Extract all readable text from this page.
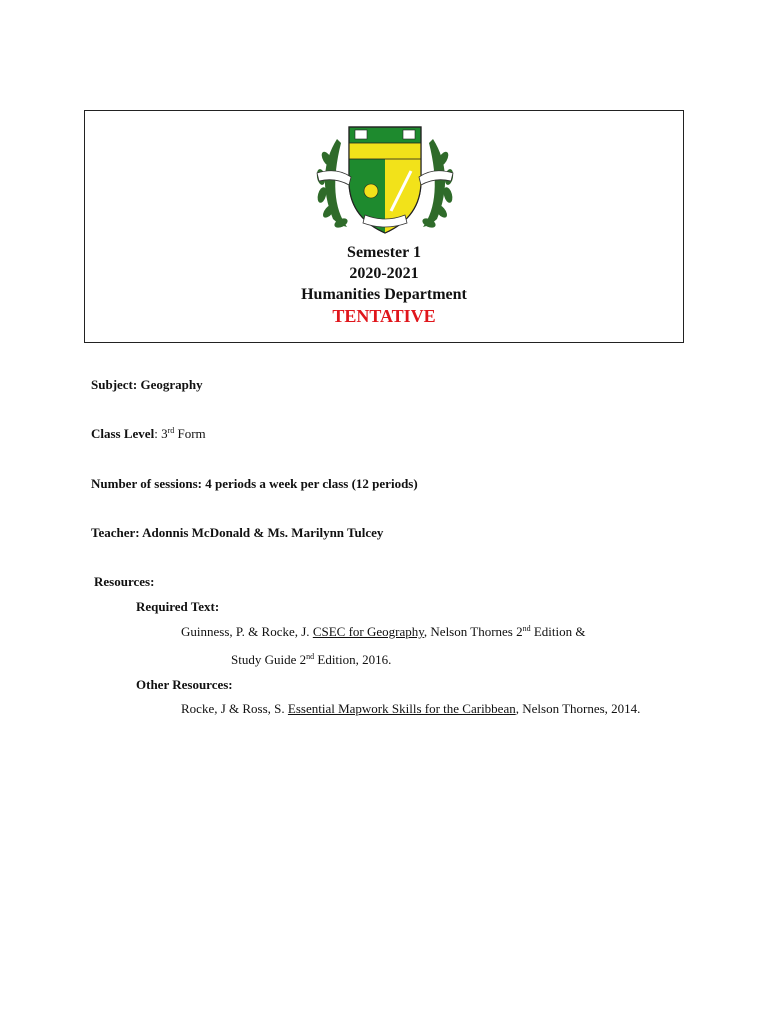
Semester 1
2020-2021
Humanities Department
TENTATIVE
Subject: Geography
Class Level: 3rd Form
Number of sessions: 4 periods a week per class (12 periods)
Teacher: Adonnis McDonald & Ms. Marilynn Tulcey
Resources:
Required Text:
Guinness, P. & Rocke, J. CSEC for Geography, Nelson Thornes 2nd Edition &
Study Guide 2nd Edition, 2016.
Other Resources:
Rocke, J & Ross, S. Essential Mapwork Skills for the Caribbean, Nelson Thornes, 2014.
